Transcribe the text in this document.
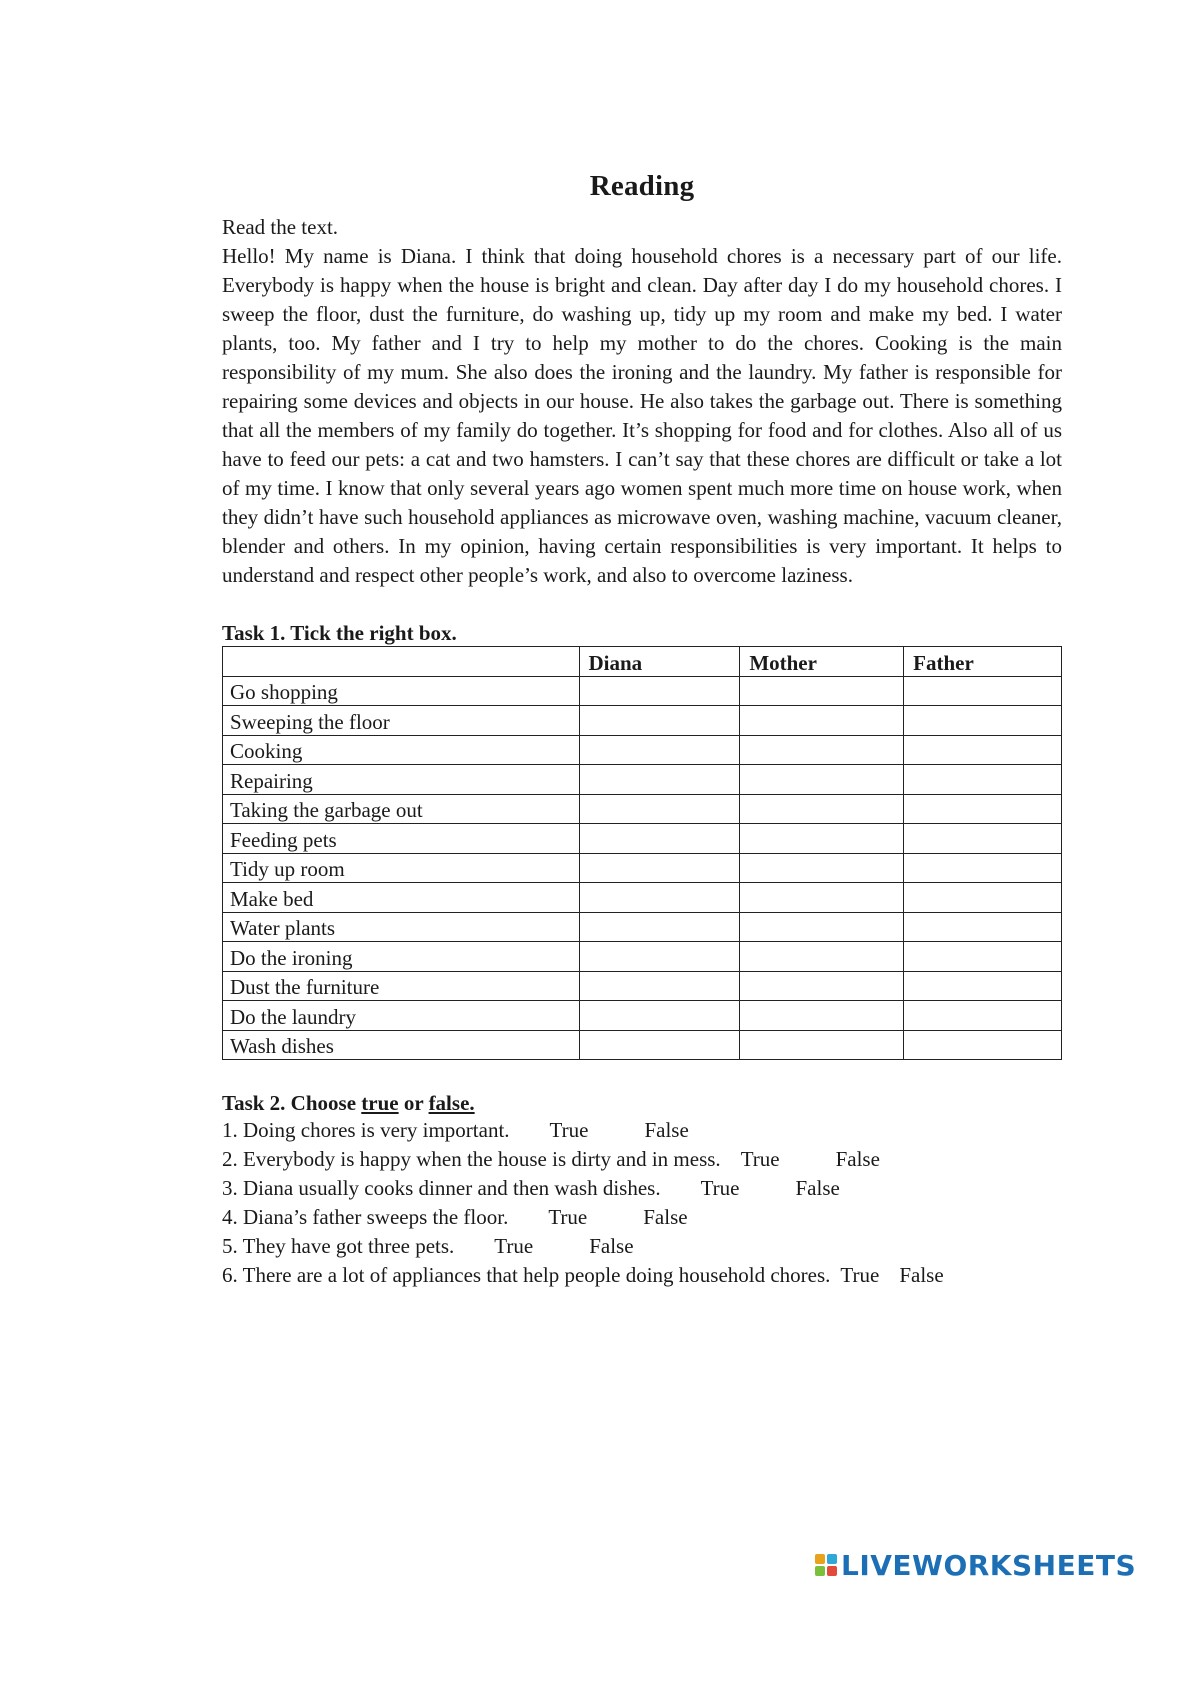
Reading

Read the text.

Hello! My name is Diana. I think that doing household chores is a necessary part of our life. Everybody is happy when the house is bright and clean. Day after day I do my household chores. I sweep the floor, dust the furniture, do washing up, tidy up my room and make my bed. I water plants, too. My father and I try to help my mother to do the chores. Cooking is the main responsibility of my mum. She also does the ironing and the laundry. My father is responsible for repairing some devices and objects in our house. He also takes the garbage out. There is something that all the members of my family do together. It’s shopping for food and for clothes. Also all of us have to feed our pets: a cat and two hamsters. I can’t say that these chores are difficult or take a lot of my time. I know that only several years ago women spent much more time on house work, when they didn’t have such household appliances as microwave oven, washing machine, vacuum cleaner, blender and others. In my opinion, having certain responsibilities is very important. It helps to understand and respect other people’s work, and also to overcome laziness.

Task 1. Tick the right box.

	Diana	Mother	Father
Go shopping			
Sweeping the floor			
Cooking			
Repairing			
Taking the garbage out			
Feeding pets			
Tidy up room			
Make bed			
Water plants			
Do the ironing			
Dust the furniture			
Do the laundry			
Wash dishes			

Task 2. Choose true or false.

1. Doing chores is very important. True	False
2. Everybody is happy when the house is dirty and in mess. True	False
3. Diana usually cooks dinner and then wash dishes. True	False
4. Diana’s father sweeps the floor. True	False
5. They have got three pets. True	False
6. There are a lot of appliances that help people doing household chores. True False
LIVEWORKSHEETS
